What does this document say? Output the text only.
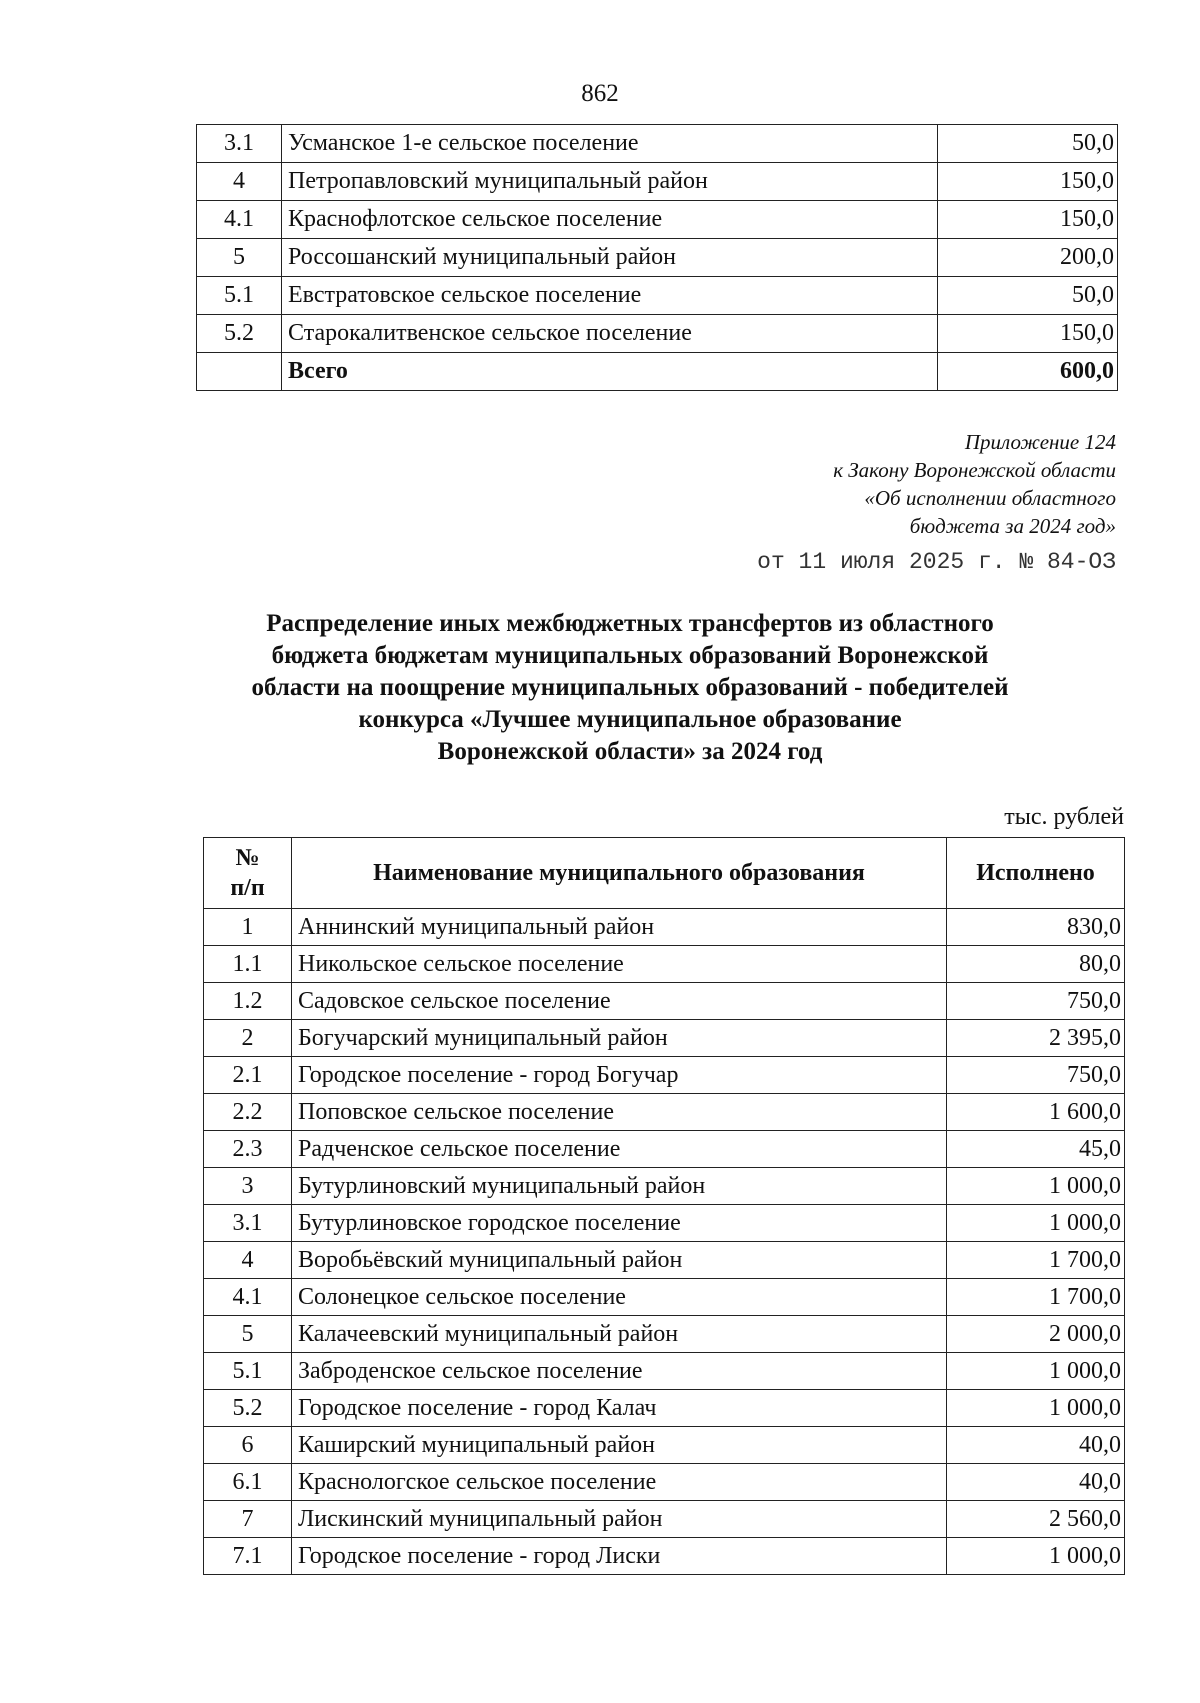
862
3.1	Усманское 1-е сельское поселение	50,0
4	Петропавловский муниципальный район	150,0
4.1	Краснофлотское сельское поселение	150,0
5	Россошанский муниципальный район	200,0
5.1	Евстратовское сельское поселение	50,0
5.2	Старокалитвенское сельское поселение	150,0
	Всего	600,0
Приложение 124
к Закону Воронежской области
«Об исполнении областного
бюджета за 2024 год»
от 11 июля 2025 г. № 84-ОЗ
Распределение иных межбюджетных трансфертов из областного
бюджета бюджетам муниципальных образований Воронежской
области на поощрение муниципальных образований - победителей
конкурса «Лучшее муниципальное образование
Воронежской области» за 2024 год
тыс. рублей
№
п/п	Наименование муниципального образования	Исполнено
1	Аннинский муниципальный район	830,0
1.1	Никольское сельское поселение	80,0
1.2	Садовское сельское поселение	750,0
2	Богучарский муниципальный район	2 395,0
2.1	Городское поселение - город Богучар	750,0
2.2	Поповское сельское поселение	1 600,0
2.3	Радченское сельское поселение	45,0
3	Бутурлиновский муниципальный район	1 000,0
3.1	Бутурлиновское городское поселение	1 000,0
4	Воробьёвский муниципальный район	1 700,0
4.1	Солонецкое сельское поселение	1 700,0
5	Калачеевский муниципальный район	2 000,0
5.1	Заброденское сельское поселение	1 000,0
5.2	Городское поселение - город Калач	1 000,0
6	Каширский муниципальный район	40,0
6.1	Краснологское сельское поселение	40,0
7	Лискинский муниципальный район	2 560,0
7.1	Городское поселение - город Лиски	1 000,0
